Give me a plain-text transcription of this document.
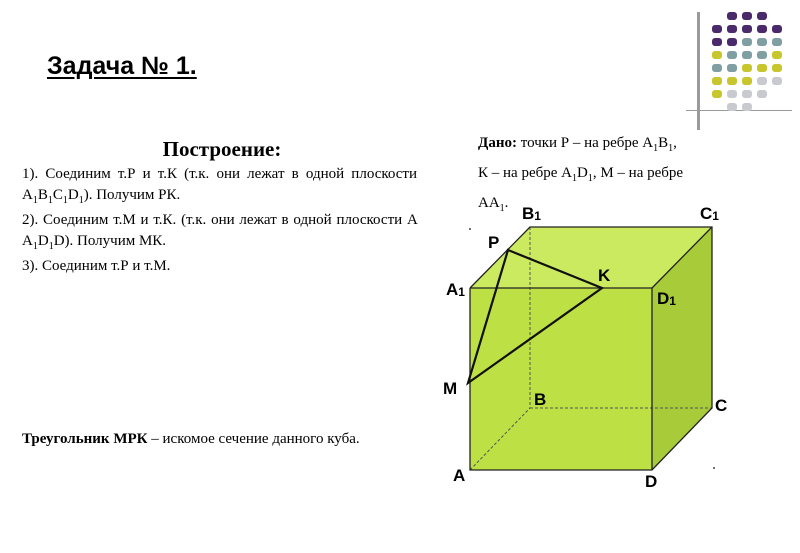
Задача № 1.
Построение:
1). Соединим т.Р и т.К (т.к. они лежат в одной плоскости $A_1B_1C_1D_1$). Получим РК.
2). Соединим т.М и т.К. (т.к. они лежат в одной плоскости A $A_1D_1D$). Получим МК.
3). Соединим т.Р и т.М.
Треугольник МРК – искомое сечение данного куба.
Дано: точки Р – на ребре $А_1В_1$,
К – на ребре $А_1D_1$, М – на ребре
$АА_1$.
B1	C1
A1	D1
P
K
M
B	C
A	D
